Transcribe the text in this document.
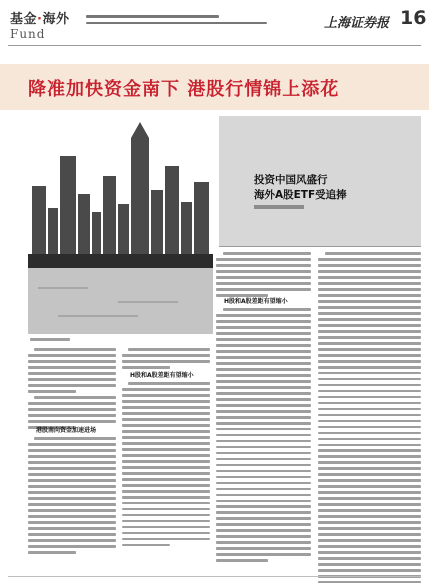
基金·海外
Fund
上海证券报 16
降准加快资金南下 港股行情锦上添花
投资中国风盛行
海外A股ETF受追捧
港股南向资金加速进场
H股和A股差距有望缩小
H股和A股差距有望缩小
